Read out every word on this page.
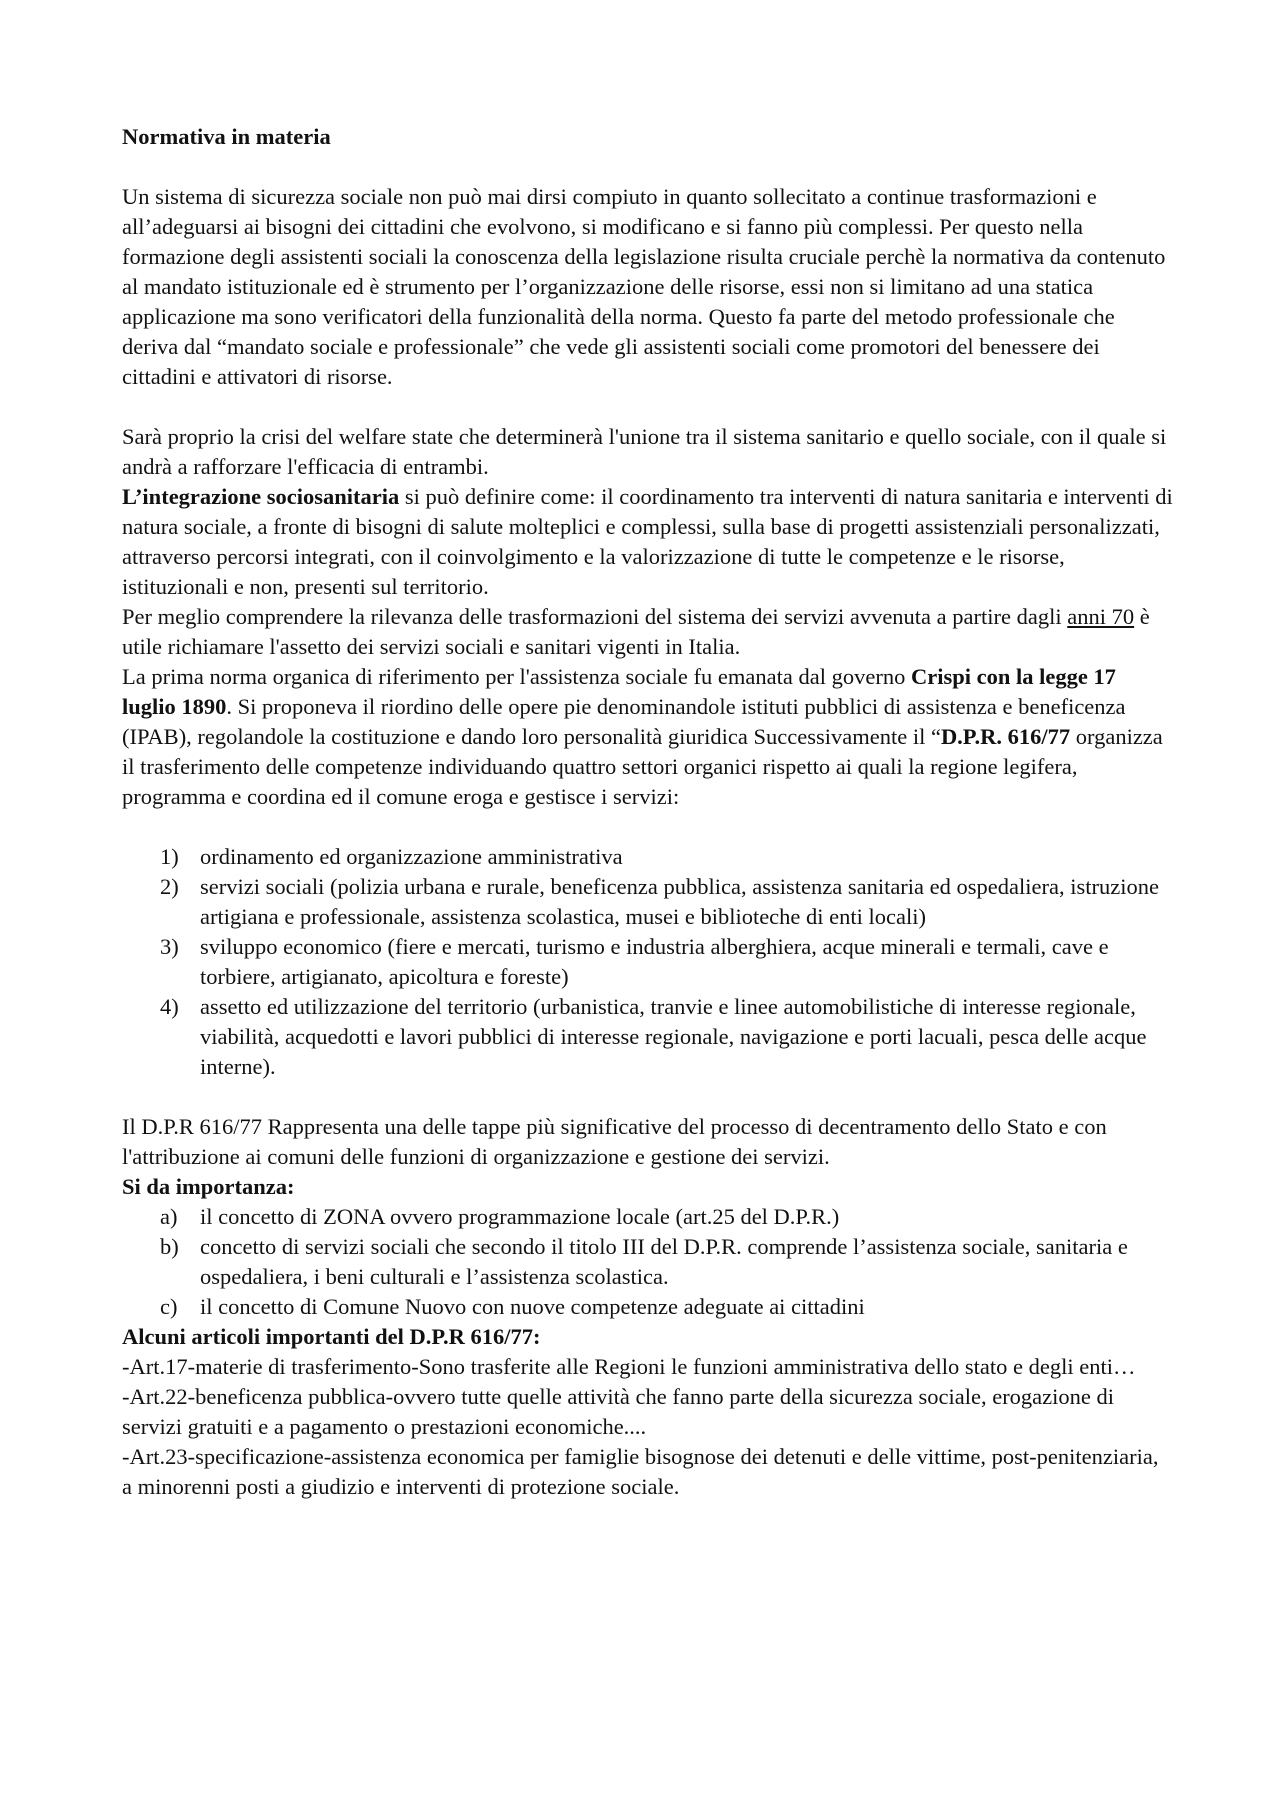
Normativa in materia

Un sistema di sicurezza sociale non può mai dirsi compiuto in quanto sollecitato a continue trasformazioni e all’adeguarsi ai bisogni dei cittadini che evolvono, si modificano e si fanno più complessi. Per questo nella formazione degli assistenti sociali la conoscenza della legislazione risulta cruciale perchè la normativa da contenuto al mandato istituzionale ed è strumento per l’organizzazione delle risorse, essi non si limitano ad una statica applicazione ma sono verificatori della funzionalità della norma. Questo fa parte del metodo professionale che deriva dal “mandato sociale e professionale” che vede gli assistenti sociali come promotori del benessere dei cittadini e attivatori di risorse.

Sarà proprio la crisi del welfare state che determinerà l'unione tra il sistema sanitario e quello sociale, con il quale si andrà a rafforzare l'efficacia di entrambi.

L’integrazione sociosanitaria si può definire come: il coordinamento tra interventi di natura sanitaria e interventi di natura sociale, a fronte di bisogni di salute molteplici e complessi, sulla base di progetti assistenziali personalizzati, attraverso percorsi integrati, con il coinvolgimento e la valorizzazione di tutte le competenze e le risorse, istituzionali e non, presenti sul territorio.

Per meglio comprendere la rilevanza delle trasformazioni del sistema dei servizi avvenuta a partire dagli anni 70 è utile richiamare l'assetto dei servizi sociali e sanitari vigenti in Italia.

La prima norma organica di riferimento per l'assistenza sociale fu emanata dal governo Crispi con la legge 17 luglio 1890. Si proponeva il riordino delle opere pie denominandole istituti pubblici di assistenza e beneficenza (IPAB), regolandole la costituzione e dando loro personalità giuridica Successivamente il “D.P.R. 616/77 organizza il trasferimento delle competenze individuando quattro settori organici rispetto ai quali la regione legifera, programma e coordina ed il comune eroga e gestisce i servizi:

1) ordinamento ed organizzazione amministrativa
2) servizi sociali (polizia urbana e rurale, beneficenza pubblica, assistenza sanitaria ed ospedaliera, istruzione artigiana e professionale, assistenza scolastica, musei e biblioteche di enti locali)
3) sviluppo economico (fiere e mercati, turismo e industria alberghiera, acque minerali e termali, cave e torbiere, artigianato, apicoltura e foreste)
4) assetto ed utilizzazione del territorio (urbanistica, tranvie e linee automobilistiche di interesse regionale, viabilità, acquedotti e lavori pubblici di interesse regionale, navigazione e porti lacuali, pesca delle acque interne).

Il D.P.R 616/77 Rappresenta una delle tappe più significative del processo di decentramento dello Stato e con l'attribuzione ai comuni delle funzioni di organizzazione e gestione dei servizi.

Si da importanza:

a) il concetto di ZONA ovvero programmazione locale (art.25 del D.P.R.)
b) concetto di servizi sociali che secondo il titolo III del D.P.R. comprende l’assistenza sociale, sanitaria e ospedaliera, i beni culturali e l’assistenza scolastica.
c) il concetto di Comune Nuovo con nuove competenze adeguate ai cittadini

Alcuni articoli importanti del D.P.R 616/77:

-Art.17-materie di trasferimento-Sono trasferite alle Regioni le funzioni amministrativa dello stato e degli enti…

-Art.22-beneficenza pubblica-ovvero tutte quelle attività che fanno parte della sicurezza sociale, erogazione di servizi gratuiti e a pagamento o prestazioni economiche....

-Art.23-specificazione-assistenza economica per famiglie bisognose dei detenuti e delle vittime, post-penitenziaria, a minorenni posti a giudizio e interventi di protezione sociale.
